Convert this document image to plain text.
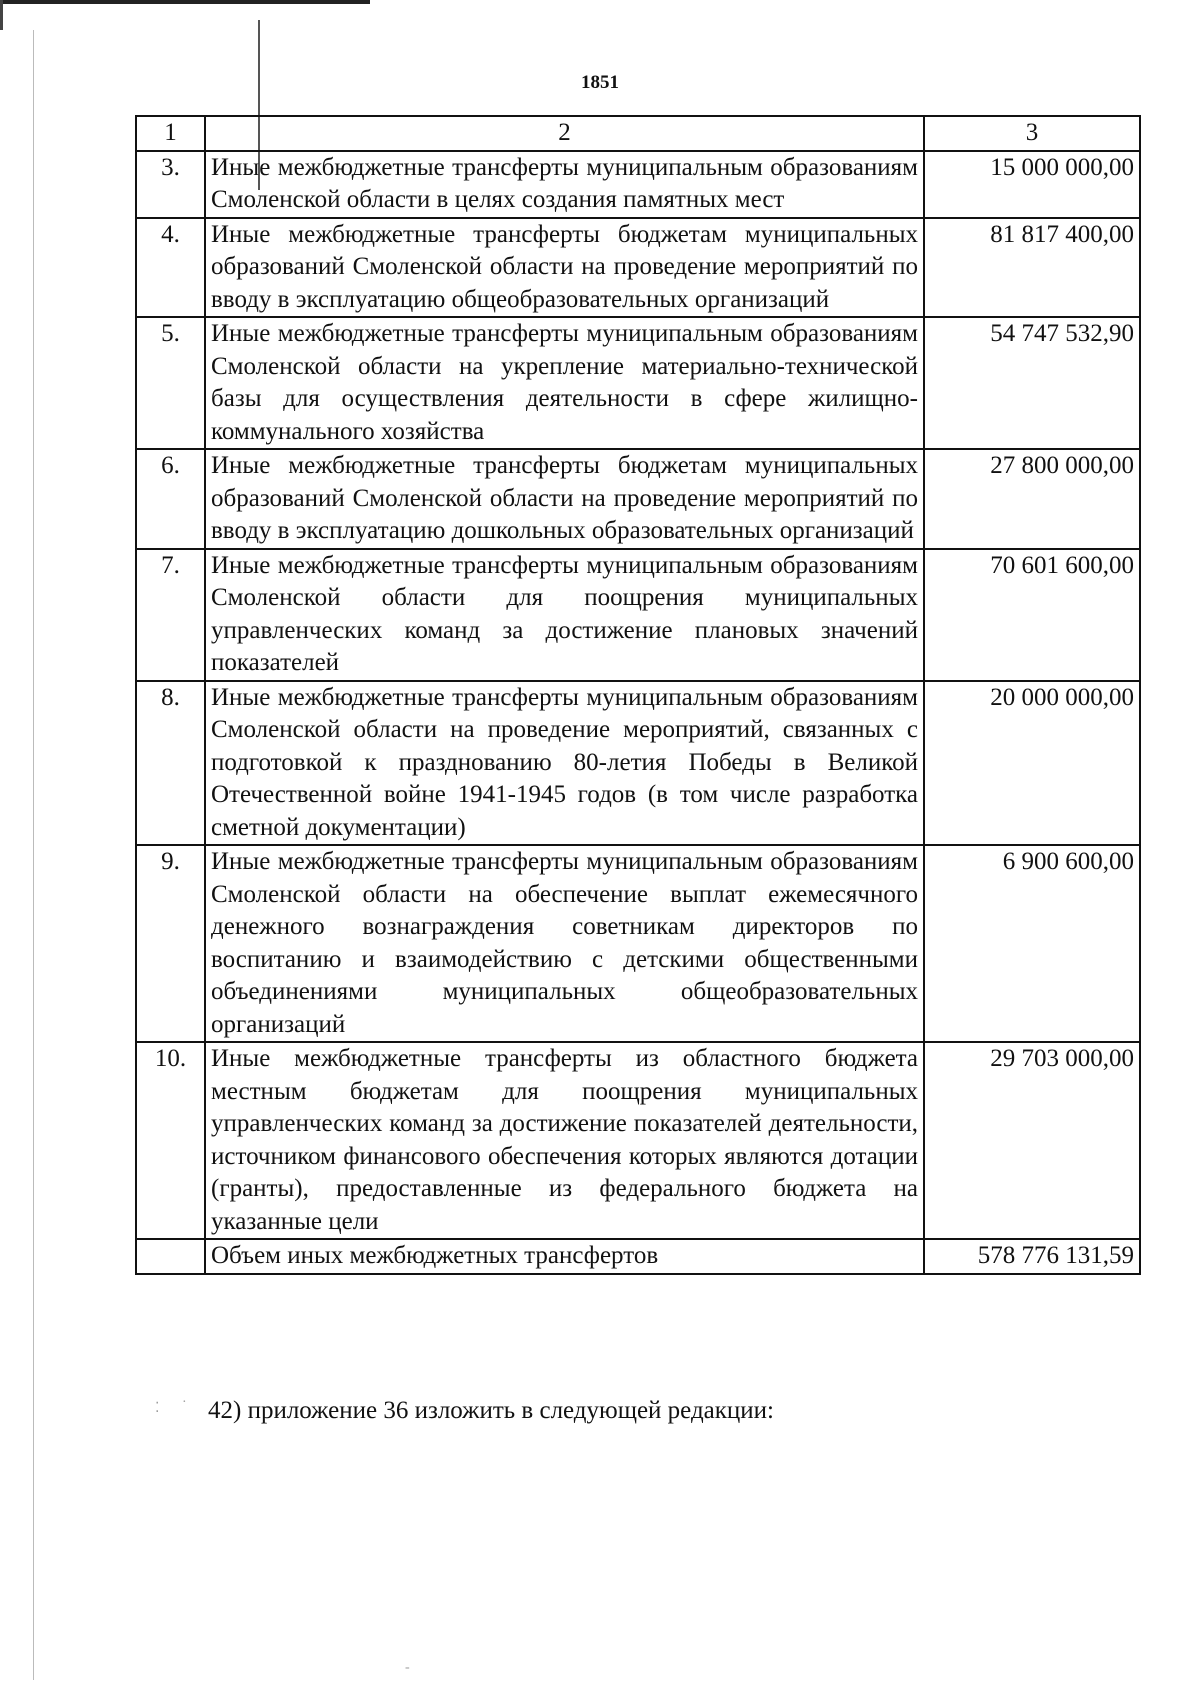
1851
1	2	3
3.	Иные межбюджетные трансферты муниципальным образованиям Смоленской области в целях создания памятных мест	15 000 000,00
4.	Иные межбюджетные трансферты бюджетам муниципальных образований Смоленской области на проведение мероприятий по вводу в эксплуатацию общеобразовательных организаций	81 817 400,00
5.	Иные межбюджетные трансферты муниципальным образованиям Смоленской области на укрепление материально-технической базы для осуществления деятельности в сфере жилищно-коммунального хозяйства	54 747 532,90
6.	Иные межбюджетные трансферты бюджетам муниципальных образований Смоленской области на проведение мероприятий по вводу в эксплуатацию дошкольных образовательных организаций	27 800 000,00
7.	Иные межбюджетные трансферты муниципальным образованиям Смоленской области для поощрения муниципальных управленческих команд за достижение плановых значений показателей	70 601 600,00
8.	Иные межбюджетные трансферты муниципальным образованиям Смоленской области на проведение мероприятий, связанных с подготовкой к празднованию 80-летия Победы в Великой Отечественной войне 1941-1945 годов (в том числе разработка сметной документации)	20 000 000,00
9.	Иные межбюджетные трансферты муниципальным образованиям Смоленской области на обеспечение выплат ежемесячного денежного вознаграждения советникам директоров по воспитанию и взаимодействию с детскими общественными объединениями муниципальных общеобразовательных организаций	6 900 600,00
10.	Иные межбюджетные трансферты из областного бюджета местным бюджетам для поощрения муниципальных управленческих команд за достижение показателей деятельности, источником финансового обеспечения которых являются дотации (гранты), предоставленные из федерального бюджета на указанные цели	29 703 000,00
	Объем иных межбюджетных трансфертов	578 776 131,59
42) приложение 36 изложить в следующей редакции:
⁚ ·
-
